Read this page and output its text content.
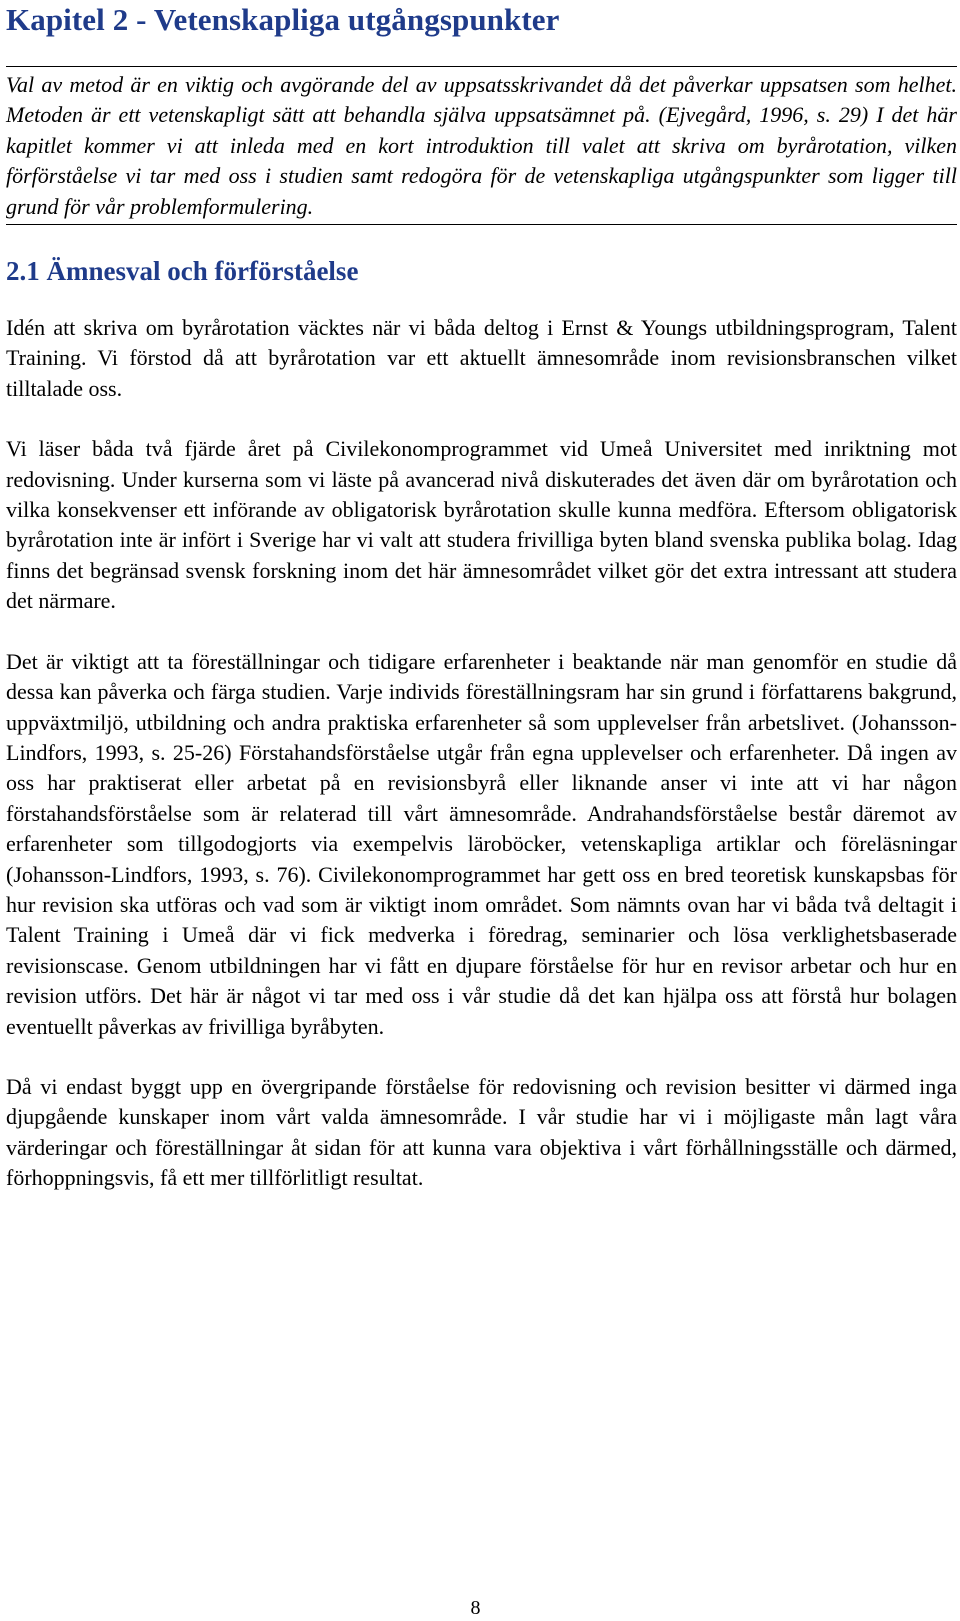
Kapitel 2 - Vetenskapliga utgångspunkter

Val av metod är en viktig och avgörande del av uppsatsskrivandet då det påverkar uppsatsen som helhet. Metoden är ett vetenskapligt sätt att behandla själva uppsatsämnet på. (Ejvegård, 1996, s. 29) I det här kapitlet kommer vi att inleda med en kort introduktion till valet att skriva om byrårotation, vilken förförståelse vi tar med oss i studien samt redogöra för de vetenskapliga utgångspunkter som ligger till grund för vår problemformulering.

2.1 Ämnesval och förförståelse

Idén att skriva om byrårotation väcktes när vi båda deltog i Ernst & Youngs utbildningsprogram, Talent Training. Vi förstod då att byrårotation var ett aktuellt ämnesområde inom revisionsbranschen vilket tilltalade oss.

Vi läser båda två fjärde året på Civilekonomprogrammet vid Umeå Universitet med inriktning mot redovisning. Under kurserna som vi läste på avancerad nivå diskuterades det även där om byrårotation och vilka konsekvenser ett införande av obligatorisk byrårotation skulle kunna medföra. Eftersom obligatorisk byrårotation inte är infört i Sverige har vi valt att studera frivilliga byten bland svenska publika bolag. Idag finns det begränsad svensk forskning inom det här ämnesområdet vilket gör det extra intressant att studera det närmare.

Det är viktigt att ta föreställningar och tidigare erfarenheter i beaktande när man genomför en studie då dessa kan påverka och färga studien. Varje individs föreställningsram har sin grund i författarens bakgrund, uppväxtmiljö, utbildning och andra praktiska erfarenheter så som upplevelser från arbetslivet. (Johansson-Lindfors, 1993, s. 25-26) Förstahandsförståelse utgår från egna upplevelser och erfarenheter. Då ingen av oss har praktiserat eller arbetat på en revisionsbyrå eller liknande anser vi inte att vi har någon förstahandsförståelse som är relaterad till vårt ämnesområde. Andrahandsförståelse består däremot av erfarenheter som tillgodogjorts via exempelvis läroböcker, vetenskapliga artiklar och föreläsningar (Johansson-Lindfors, 1993, s. 76). Civilekonomprogrammet har gett oss en bred teoretisk kunskapsbas för hur revision ska utföras och vad som är viktigt inom området. Som nämnts ovan har vi båda två deltagit i Talent Training i Umeå där vi fick medverka i föredrag, seminarier och lösa verklighetsbaserade revisionscase. Genom utbildningen har vi fått en djupare förståelse för hur en revisor arbetar och hur en revision utförs. Det här är något vi tar med oss i vår studie då det kan hjälpa oss att förstå hur bolagen eventuellt påverkas av frivilliga byråbyten.

Då vi endast byggt upp en övergripande förståelse för redovisning och revision besitter vi därmed inga djupgående kunskaper inom vårt valda ämnesområde. I vår studie har vi i möjligaste mån lagt våra värderingar och föreställningar åt sidan för att kunna vara objektiva i vårt förhållningsställe och därmed, förhoppningsvis, få ett mer tillförlitligt resultat.

8
